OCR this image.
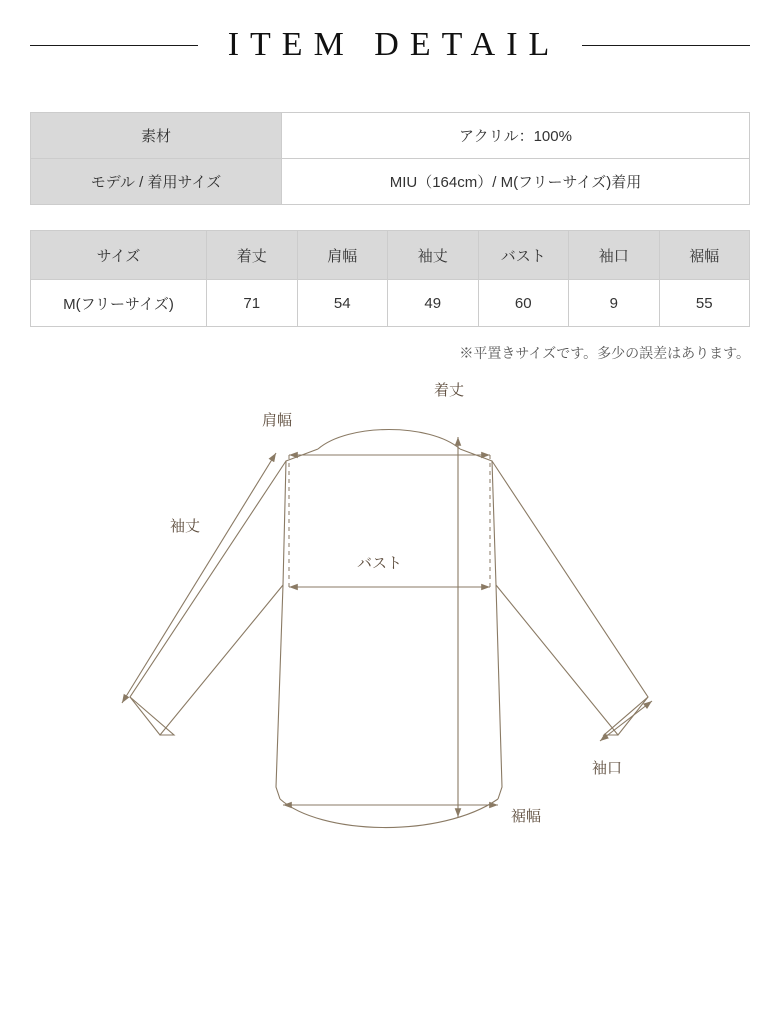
ITEM DETAIL
素材	アクリル：100%
モデル / 着用サイズ	MIU（164cm）/ M(フリーサイズ)着用
サイズ	着丈	肩幅	袖丈	バスト	袖口	裾幅
M(フリーサイズ)	71	54	49	60	9	55
※平置きサイズです。多少の誤差はあります。
着丈
肩幅
袖丈
バスト
袖口
裾幅
